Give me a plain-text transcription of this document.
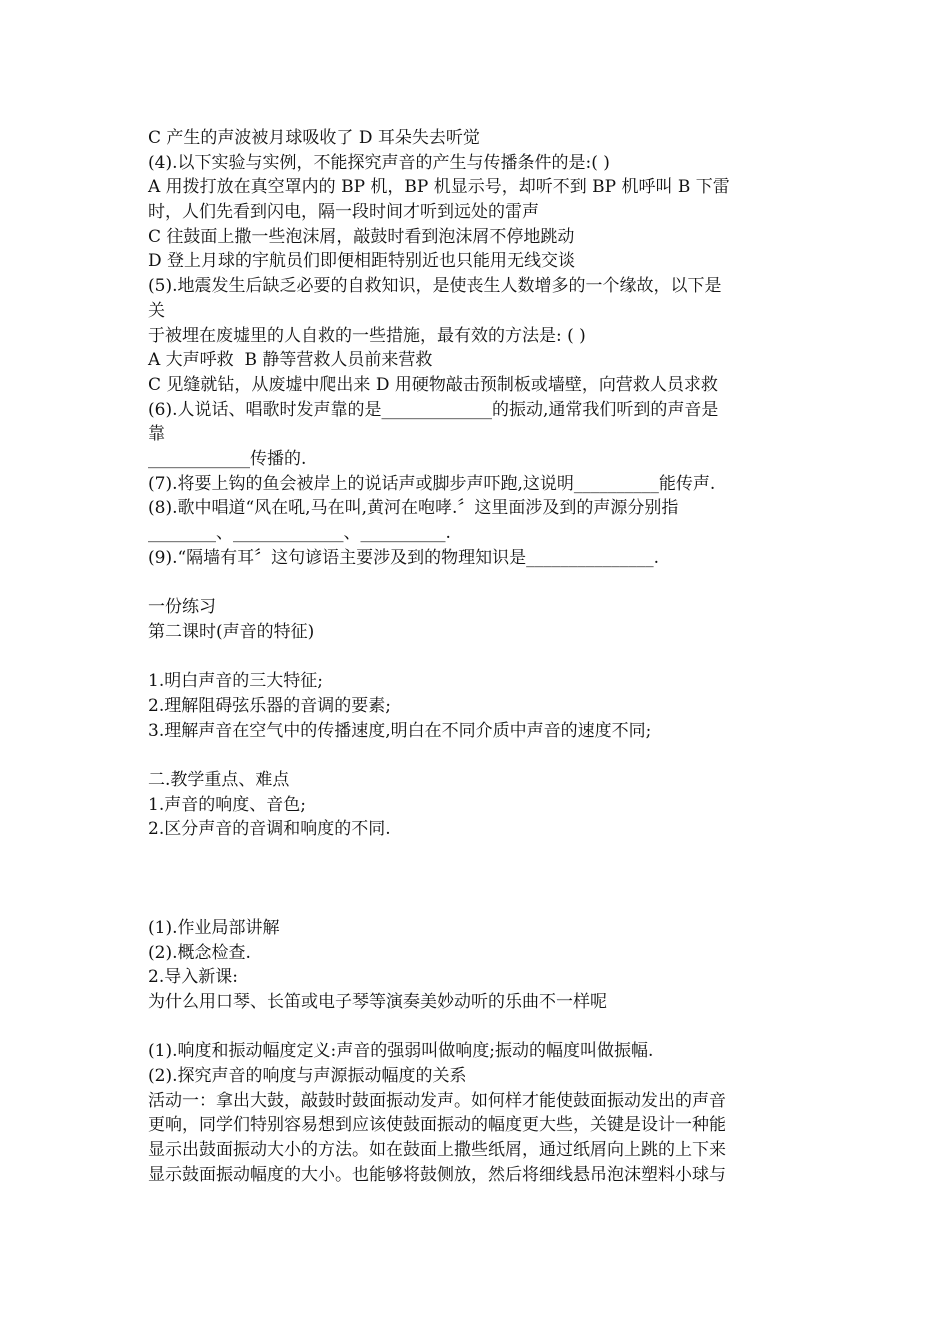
C 产生的声波被月球吸收了 D 耳朵失去听觉
(4).以下实验与实例，不能探究声音的产生与传播条件的是:( )
A 用拨打放在真空罩内的 BP 机，BP 机显示号，却听不到 BP 机呼叫 B 下雷
时，人们先看到闪电，隔一段时间才听到远处的雷声
C 往鼓面上撒一些泡沫屑，敲鼓时看到泡沫屑不停地跳动
D 登上月球的宇航员们即便相距特别近也只能用无线交谈
(5).地震发生后缺乏必要的自救知识，是使丧生人数增多的一个缘故，以下是
关
于被埋在废墟里的人自救的一些措施，最有效的方法是: ( )
A 大声呼救  B 静等营救人员前来营救
C 见缝就钻，从废墟中爬出来 D 用硬物敲击预制板或墙壁，向营救人员求救
(6).人说话、唱歌时发声靠的是_____________的振动,通常我们听到的声音是
靠
____________传播的.
(7).将要上钩的鱼会被岸上的说话声或脚步声吓跑,这说明__________能传声.
(8).歌中唱道“风在吼,马在叫,黄河在咆哮.〞这里面涉及到的声源分别指
________、_____________、__________.
(9).“隔墙有耳〞这句谚语主要涉及到的物理知识是_______________.
一份练习
第二课时(声音的特征)
1.明白声音的三大特征;
2.理解阻碍弦乐器的音调的要素;
3.理解声音在空气中的传播速度,明白在不同介质中声音的速度不同;
二.教学重点、难点
1.声音的响度、音色;
2.区分声音的音调和响度的不同.
(1).作业局部讲解
(2).概念检查.
2.导入新课:
为什么用口琴、长笛或电子琴等演奏美妙动听的乐曲不一样呢
(1).响度和振动幅度定义:声音的强弱叫做响度;振动的幅度叫做振幅.
(2).探究声音的响度与声源振动幅度的关系
活动一：拿出大鼓，敲鼓时鼓面振动发声。如何样才能使鼓面振动发出的声音
更响，同学们特别容易想到应该使鼓面振动的幅度更大些，关键是设计一种能
显示出鼓面振动大小的方法。如在鼓面上撒些纸屑，通过纸屑向上跳的上下来
显示鼓面振动幅度的大小。也能够将鼓侧放，然后将细线悬吊泡沫塑料小球与
